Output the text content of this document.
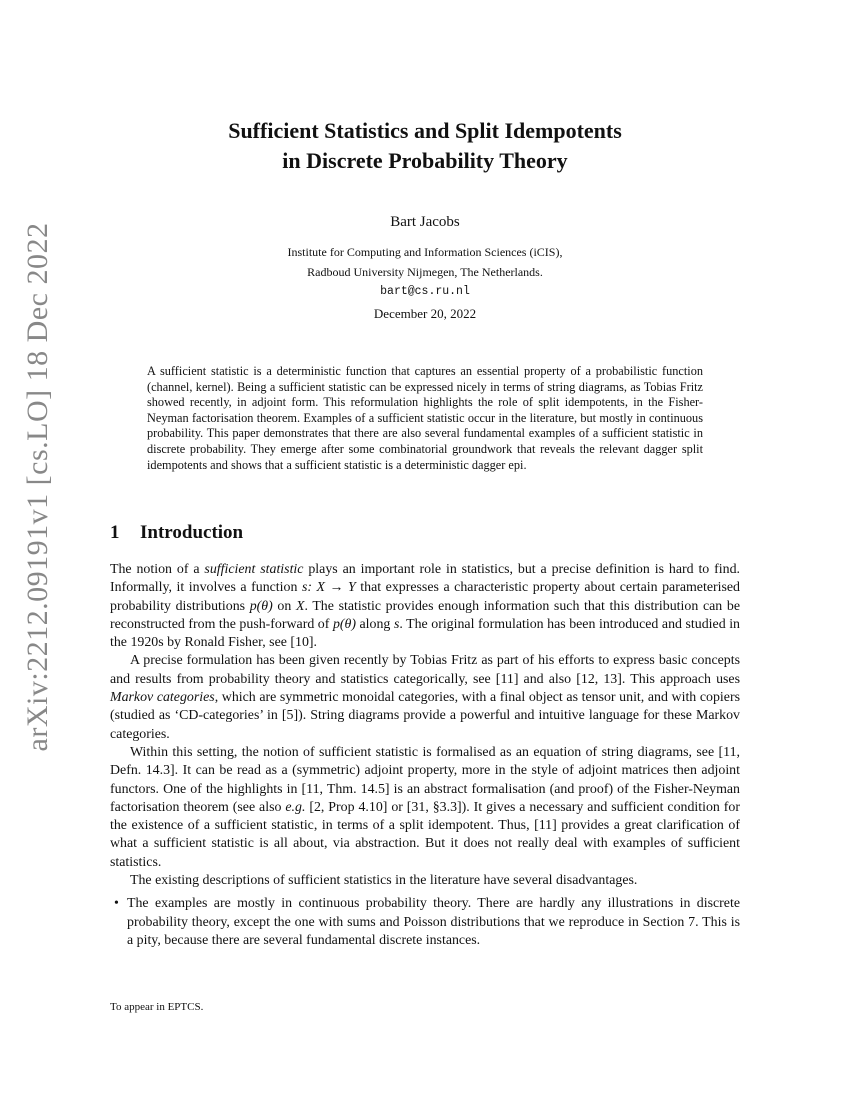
arXiv:2212.09191v1 [cs.LO] 18 Dec 2022
Sufficient Statistics and Split Idempotents
in Discrete Probability Theory
Bart Jacobs
Institute for Computing and Information Sciences (iCIS),
Radboud University Nijmegen, The Netherlands.
bart@cs.ru.nl
December 20, 2022
A sufficient statistic is a deterministic function that captures an essential property of a probabilistic function (channel, kernel). Being a sufficient statistic can be expressed nicely in terms of string diagrams, as Tobias Fritz showed recently, in adjoint form. This reformulation highlights the role of split idempotents, in the Fisher-Neyman factorisation theorem. Examples of a sufficient statistic occur in the literature, but mostly in continuous probability. This paper demonstrates that there are also several fundamental examples of a sufficient statistic in discrete probability. They emerge after some combinatorial groundwork that reveals the relevant dagger split idempotents and shows that a sufficient statistic is a deterministic dagger epi.
1 Introduction

The notion of a sufficient statistic plays an important role in statistics, but a precise definition is hard to find. Informally, it involves a function s: X → Y that expresses a characteristic property about certain parameterised probability distributions p(θ) on X. The statistic provides enough information such that this distribution can be reconstructed from the push-forward of p(θ) along s. The original formulation has been introduced and studied in the 1920s by Ronald Fisher, see [10].

A precise formulation has been given recently by Tobias Fritz as part of his efforts to express basic concepts and results from probability theory and statistics categorically, see [11] and also [12, 13]. This approach uses Markov categories, which are symmetric monoidal categories, with a final object as tensor unit, and with copiers (studied as ‘CD-categories’ in [5]). String diagrams provide a powerful and intuitive language for these Markov categories.

Within this setting, the notion of sufficient statistic is formalised as an equation of string diagrams, see [11, Defn. 14.3]. It can be read as a (symmetric) adjoint property, more in the style of adjoint matrices then adjoint functors. One of the highlights in [11, Thm. 14.5] is an abstract formalisation (and proof) of the Fisher-Neyman factorisation theorem (see also e.g. [2, Prop 4.10] or [31, §3.3]). It gives a necessary and sufficient condition for the existence of a sufficient statistic, in terms of a split idempotent. Thus, [11] provides a great clarification of what a sufficient statistic is all about, via abstraction. But it does not really deal with examples of sufficient statistics.

The existing descriptions of sufficient statistics in the literature have several disadvantages.

• The examples are mostly in continuous probability theory. There are hardly any illustrations in discrete probability theory, except the one with sums and Poisson distributions that we reproduce in Section 7. This is a pity, because there are several fundamental discrete instances.
To appear in EPTCS.
